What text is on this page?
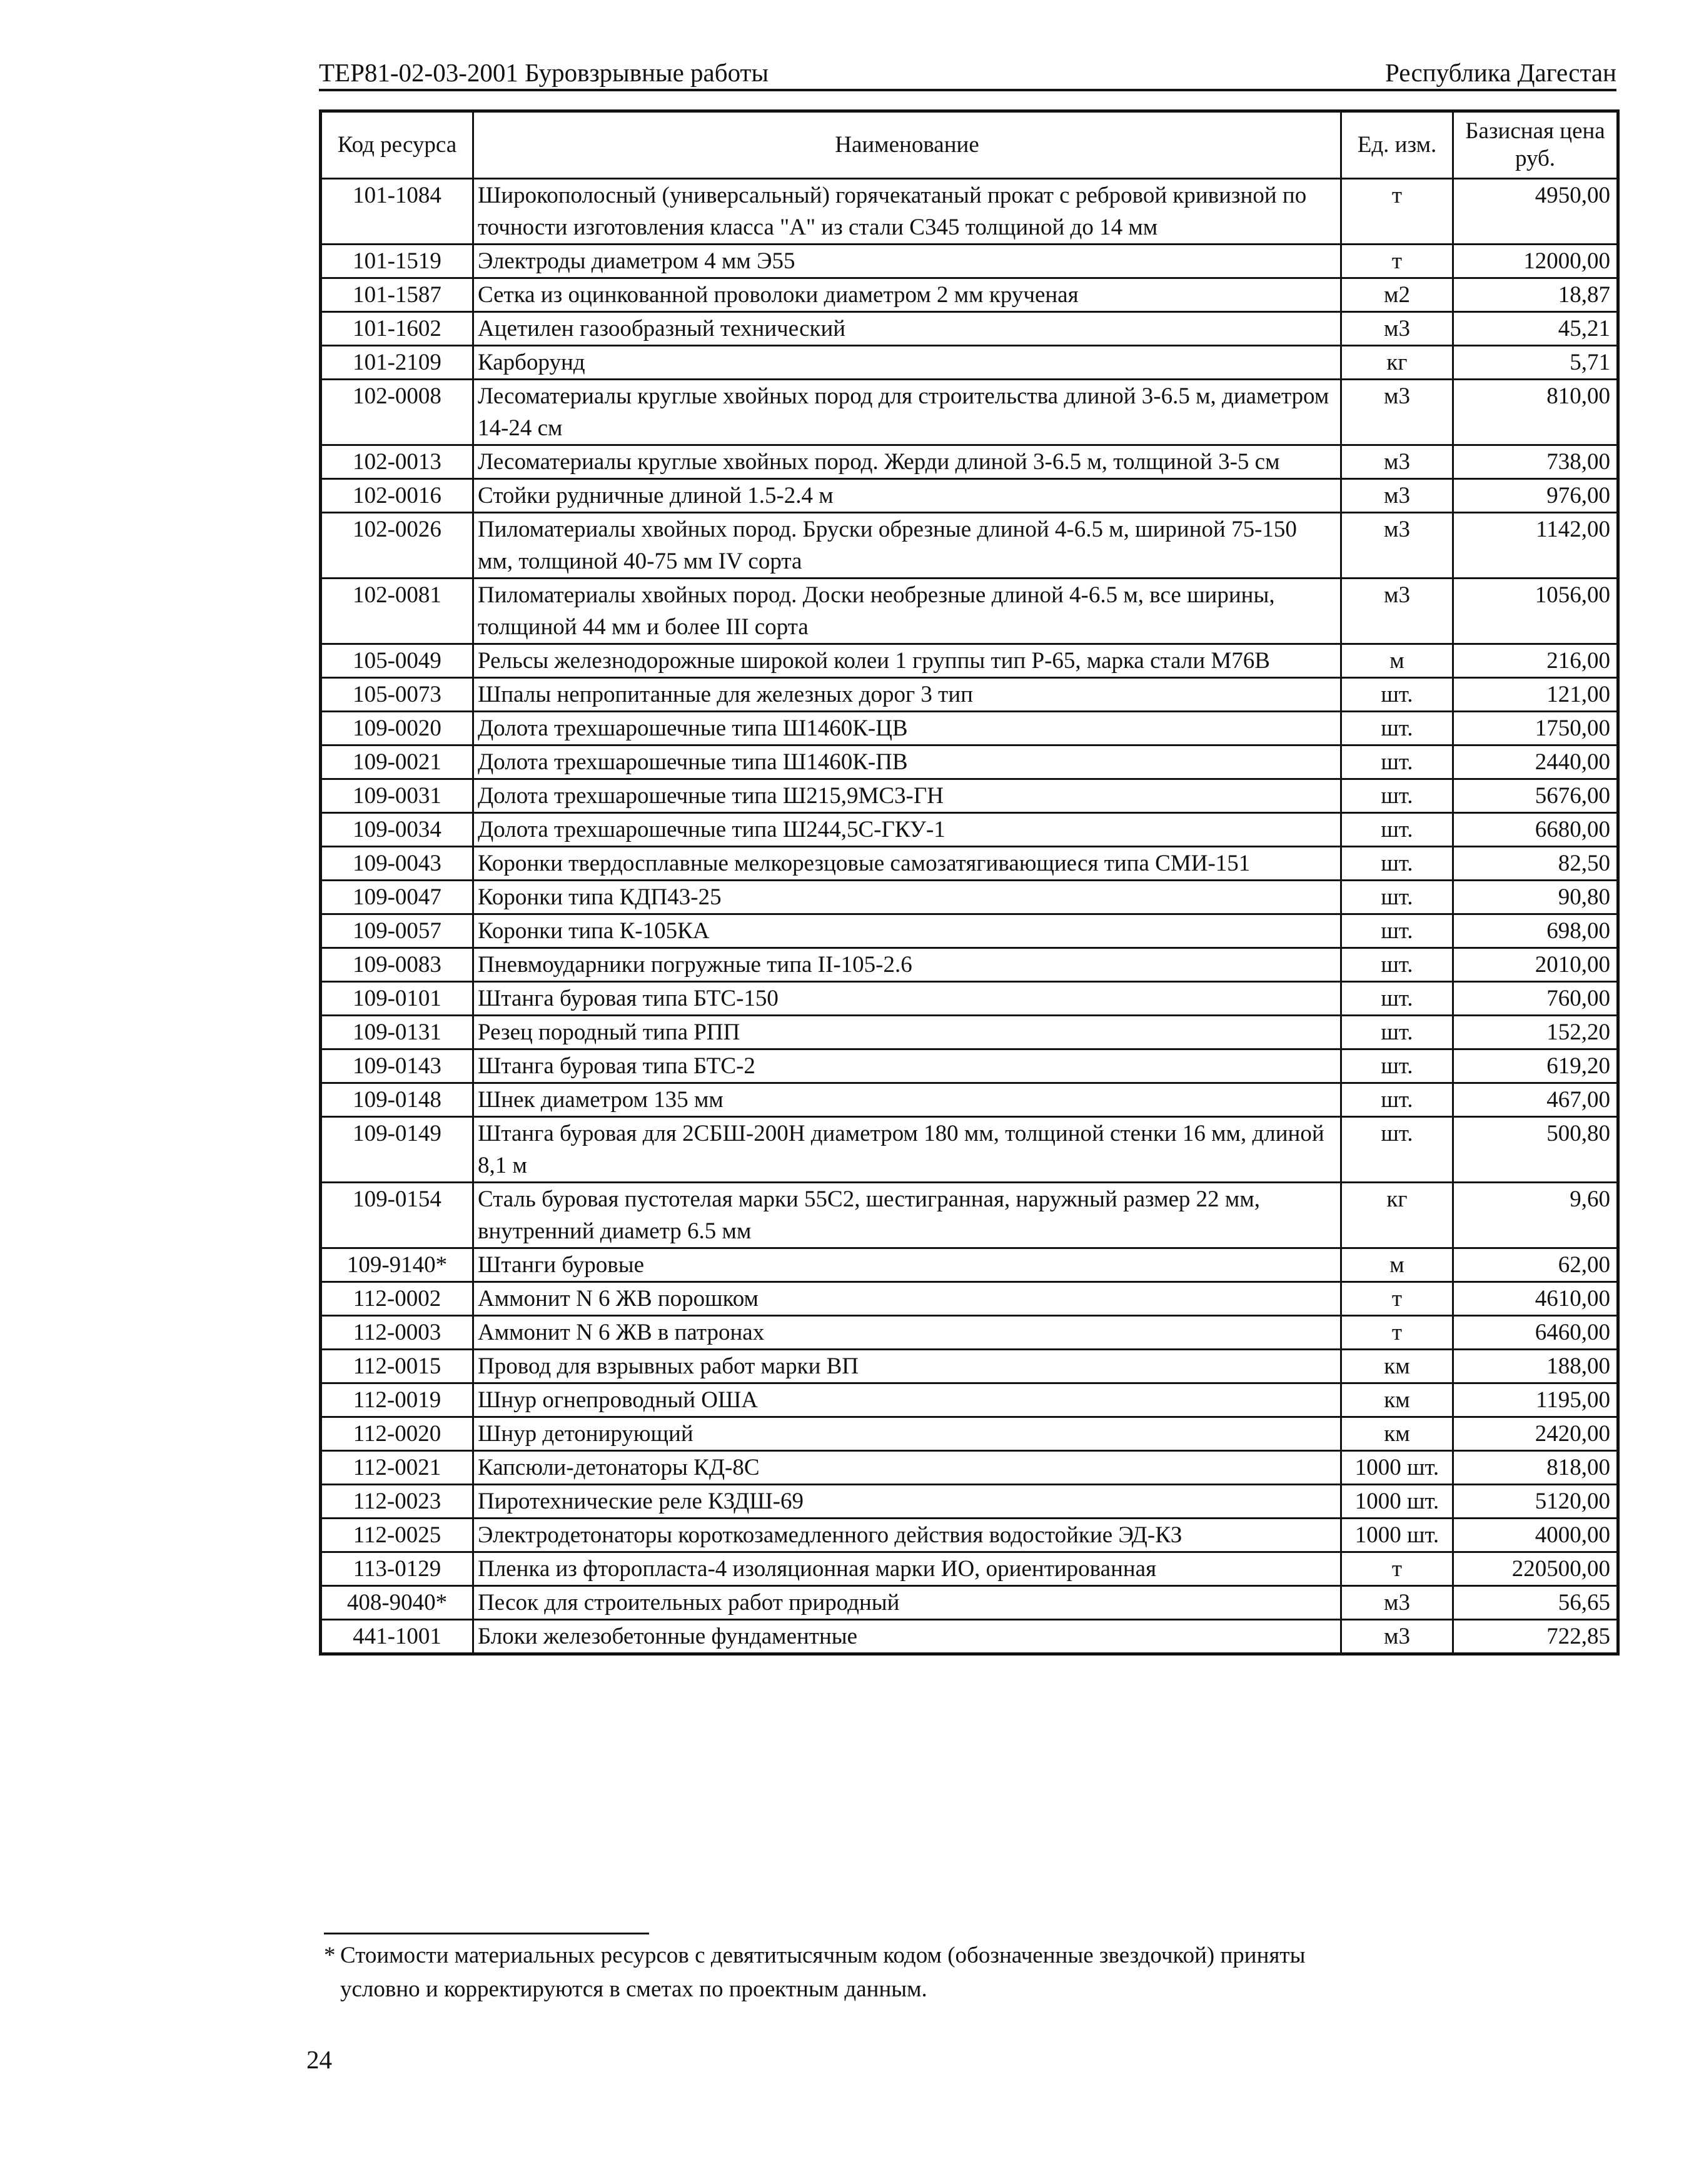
ТЕР81-02-03-2001 Буровзрывные работы	Республика Дагестан
Код ресурса	Наименование	Ед. изм.	Базисная цена руб.
101-1084	Широкополосный (универсальный) горячекатаный прокат с ребровой кривизной по точности изготовления класса "А" из стали С345 толщиной до 14 мм	т	4950,00
101-1519	Электроды диаметром 4 мм Э55	т	12000,00
101-1587	Сетка из оцинкованной проволоки диаметром 2 мм крученая	м2	18,87
101-1602	Ацетилен газообразный технический	м3	45,21
101-2109	Карборунд	кг	5,71
102-0008	Лесоматериалы круглые хвойных пород для строительства длиной 3-6.5 м, диаметром 14-24 см	м3	810,00
102-0013	Лесоматериалы круглые хвойных пород. Жерди длиной 3-6.5 м, толщиной 3-5 см	м3	738,00
102-0016	Стойки рудничные длиной 1.5-2.4 м	м3	976,00
102-0026	Пиломатериалы хвойных пород. Бруски обрезные длиной 4-6.5 м, шириной 75-150 мм, толщиной 40-75 мм IV сорта	м3	1142,00
102-0081	Пиломатериалы хвойных пород. Доски необрезные длиной 4-6.5 м, все ширины, толщиной 44 мм и более III сорта	м3	1056,00
105-0049	Рельсы железнодорожные широкой колеи 1 группы тип Р-65, марка стали М76В	м	216,00
105-0073	Шпалы непропитанные для железных дорог 3 тип	шт.	121,00
109-0020	Долота трехшарошечные типа Ш1460К-ЦВ	шт.	1750,00
109-0021	Долота трехшарошечные типа Ш1460К-ПВ	шт.	2440,00
109-0031	Долота трехшарошечные типа Ш215,9МС3-ГН	шт.	5676,00
109-0034	Долота трехшарошечные типа Ш244,5С-ГКУ-1	шт.	6680,00
109-0043	Коронки твердосплавные мелкорезцовые самозатягивающиеся типа СМИ-151	шт.	82,50
109-0047	Коронки типа КДП43-25	шт.	90,80
109-0057	Коронки типа К-105КА	шт.	698,00
109-0083	Пневмоударники погружные типа II-105-2.6	шт.	2010,00
109-0101	Штанга буровая типа БТС-150	шт.	760,00
109-0131	Резец породный типа РПП	шт.	152,20
109-0143	Штанга буровая типа БТС-2	шт.	619,20
109-0148	Шнек диаметром 135 мм	шт.	467,00
109-0149	Штанга буровая для 2СБШ-200Н диаметром 180 мм, толщиной стенки 16 мм, длиной 8,1 м	шт.	500,80
109-0154	Сталь буровая пустотелая марки 55С2, шестигранная, наружный размер 22 мм, внутренний диаметр 6.5 мм	кг	9,60
109-9140*	Штанги буровые	м	62,00
112-0002	Аммонит N 6 ЖВ порошком	т	4610,00
112-0003	Аммонит N 6 ЖВ в патронах	т	6460,00
112-0015	Провод для взрывных работ марки ВП	км	188,00
112-0019	Шнур огнепроводный ОША	км	1195,00
112-0020	Шнур детонирующий	км	2420,00
112-0021	Капсюли-детонаторы КД-8С	1000 шт.	818,00
112-0023	Пиротехнические реле КЗДШ-69	1000 шт.	5120,00
112-0025	Электродетонаторы короткозамедленного действия водостойкие ЭД-КЗ	1000 шт.	4000,00
113-0129	Пленка из фторопласта-4 изоляционная марки ИО, ориентированная	т	220500,00
408-9040*	Песок для строительных работ природный	м3	56,65
441-1001	Блоки железобетонные фундаментные	м3	722,85
* Стоимости материальных ресурсов с девятитысячным кодом (обозначенные звездочкой) приняты
условно и корректируются в сметах по проектным данным.
24
